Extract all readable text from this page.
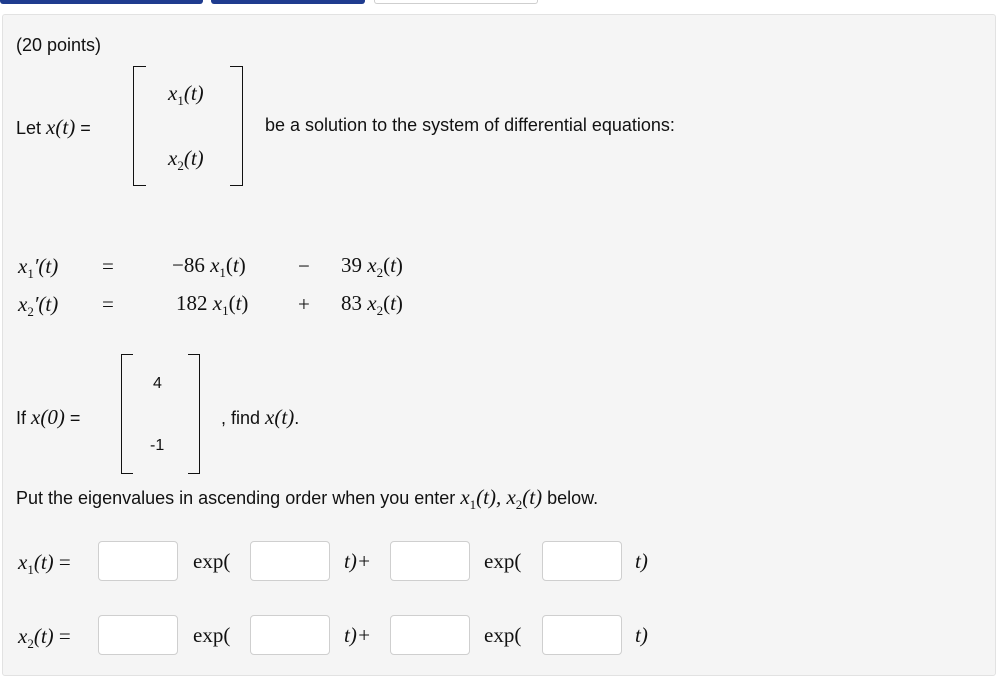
(20 points)
Let x(t) =
$x_1(t)$
$x_2(t)$
be a solution to the system of differential equations:
$x_1'(t)$ =	−86 $x_1(t) - 39$ $x_2(t)$
$x_2'(t)$ =	182 $x_1(t) + 83$ $x_2(t)$
If x(0) =
4
-1
, find x(t).
Put the eigenvalues in ascending order when you enter $x_1(t)$, $x_2(t)$ below.
$x_1(t)$ =	exp(	t)+	exp(	t)
$x_2(t)$ =	exp(	t)+	exp(	t)
